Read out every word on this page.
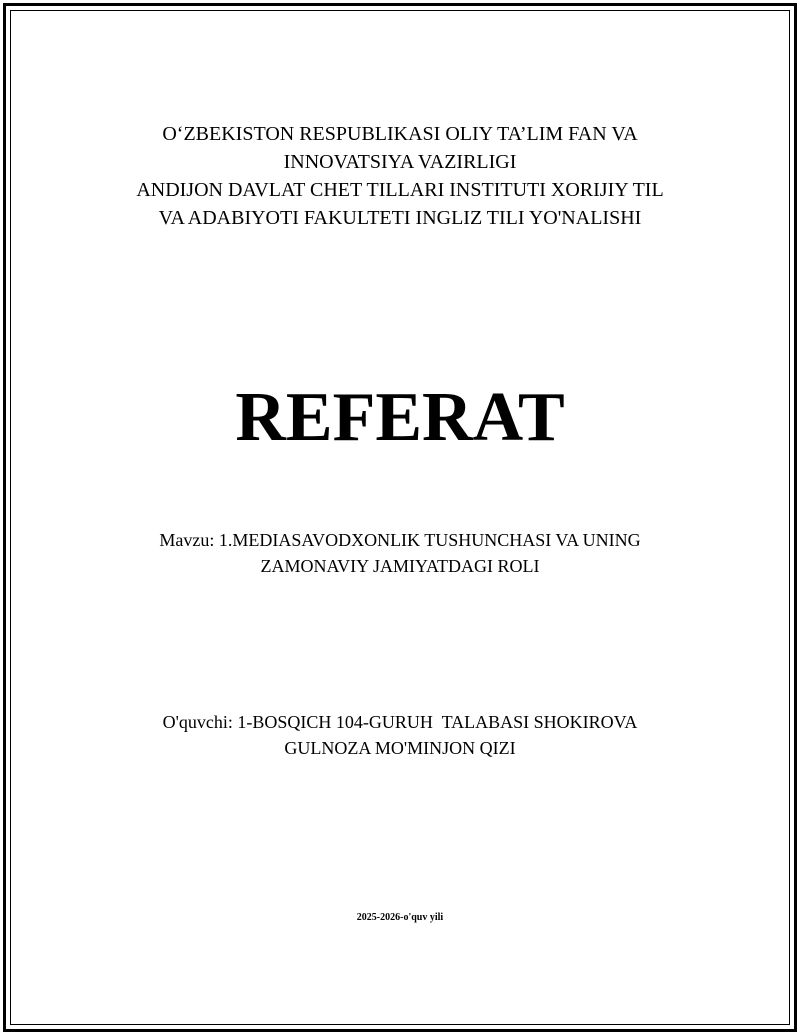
O‘ZBEKISTON RESPUBLIKASI OLIY TA’LIM FAN VA
INNOVATSIYA VAZIRLIGI
ANDIJON DAVLAT CHET TILLARI INSTITUTI XORIJIY TIL
VA ADABIYOTI FAKULTETI INGLIZ TILI YO'NALISHI
REFERAT
Mavzu: 1.MEDIASAVODXONLIK TUSHUNCHASI VA UNING
ZAMONAVIY JAMIYATDAGI ROLI
O'quvchi: 1-BOSQICH 104-GURUH  TALABASI SHOKIROVA
GULNOZA MO'MINJON QIZI
2025-2026-o'quv yili
